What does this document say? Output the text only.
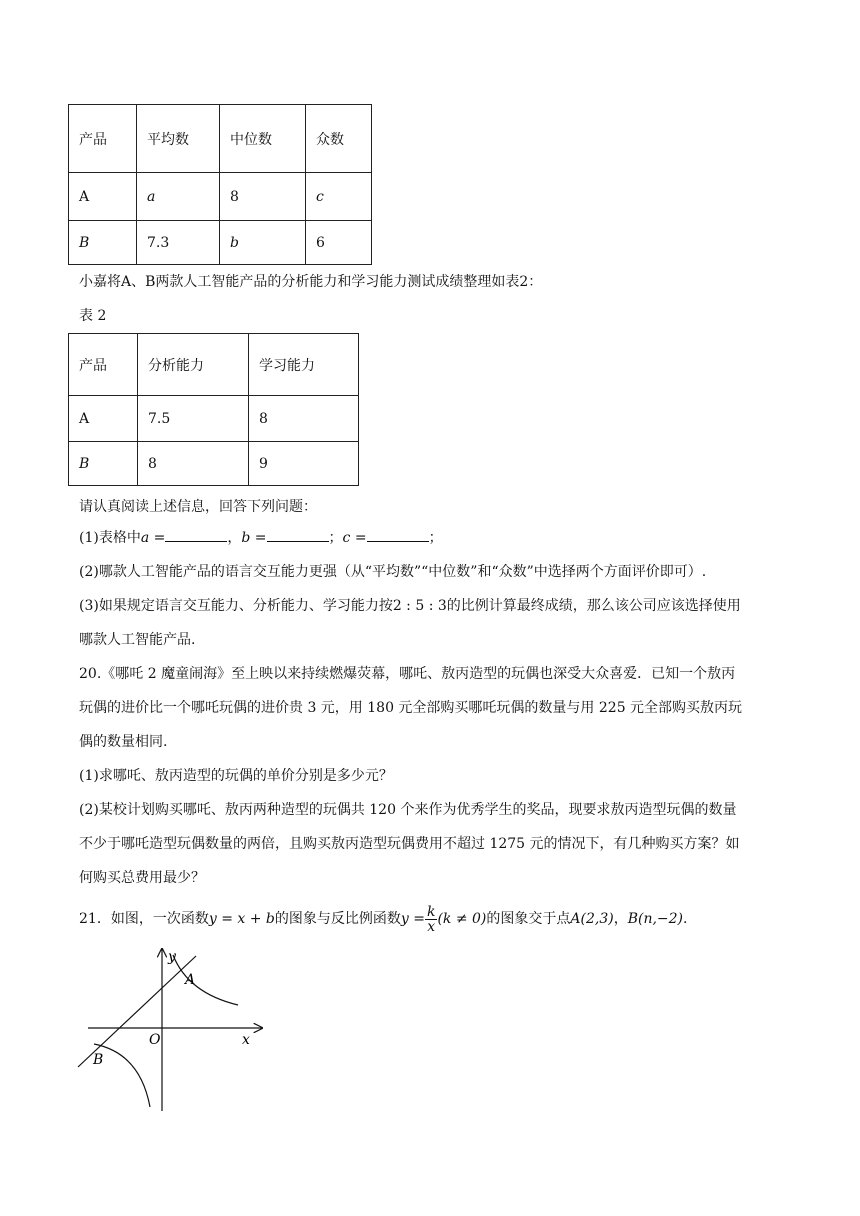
产品	平均数	中位数	众数
A	a	8	c
B	7.3	b	6
小嘉将A、B两款人工智能产品的分析能力和学习能力测试成绩整理如表2：
表 2
产品	分析能力	学习能力
A	7.5	8
B	8	9
请认真阅读上述信息，回答下列问题：
(1)表格中a =	，b =	；c =	；
(2)哪款人工智能产品的语言交互能力更强（从“平均数”“中位数”和“众数”中选择两个方面评价即可）.
(3)如果规定语言交互能力、分析能力、学习能力按2 : 5 : 3的比例计算最终成绩，那么该公司应该选择使用
哪款人工智能产品.
20.《哪吒 2 魔童闹海》至上映以来持续燃爆荧幕，哪吒、敖丙造型的玩偶也深受大众喜爱．已知一个敖丙
玩偶的进价比一个哪吒玩偶的进价贵 3 元，用 180 元全部购买哪吒玩偶的数量与用 225 元全部购买敖丙玩
偶的数量相同.
(1)求哪吒、敖丙造型的玩偶的单价分别是多少元？
(2)某校计划购买哪吒、敖丙两种造型的玩偶共 120 个来作为优秀学生的奖品，现要求敖丙造型玩偶的数量
不少于哪吒造型玩偶数量的两倍，且购买敖丙造型玩偶费用不超过 1275 元的情况下，有几种购买方案？如
何购买总费用最少？
21．如图，一次函数y = x + b的图象与反比例函数$y = \frac{k}{x} (k \ne 0)$的图象交于点A(2,3)，B(n,−2).
y
x
O
A
B
